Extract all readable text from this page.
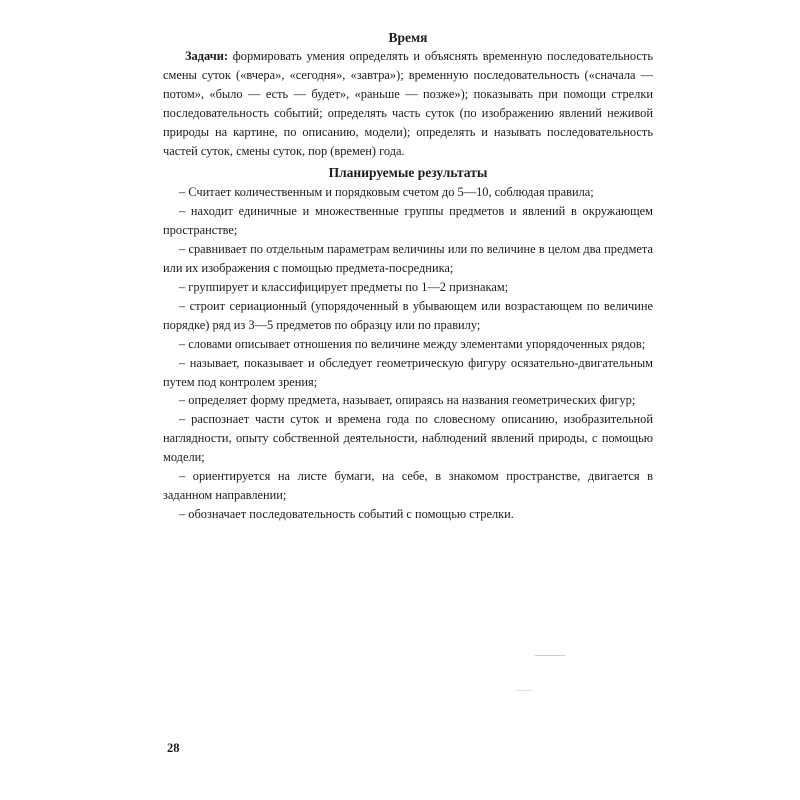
Время

Задачи: формировать умения определять и объяснять временную последовательность смены суток («вчера», «сегодня», «завтра»); временную последовательность («сначала — потом», «было — есть — будет», «раньше — позже»); показывать при помощи стрелки последовательность событий; определять часть суток (по изображению явлений неживой природы на картине, по описанию, модели); определять и называть последовательность частей суток, смены суток, пор (времен) года.

Планируемые результаты
– Считает количественным и порядковым счетом до 5—10, соблюдая правила;
– находит единичные и множественные группы предметов и явлений в окружающем пространстве;
– сравнивает по отдельным параметрам величины или по величине в целом два предмета или их изображения с помощью предмета-посредника;
– группирует и классифицирует предметы по 1—2 признакам;
– строит сериационный (упорядоченный в убывающем или возрастающем по величине порядке) ряд из 3—5 предметов по образцу или по правилу;
– словами описывает отношения по величине между элементами упорядоченных рядов;
– называет, показывает и обследует геометрическую фигуру осязательно-двигательным путем под контролем зрения;
– определяет форму предмета, называет, опираясь на названия геометрических фигур;
– распознает части суток и времена года по словесному описанию, изобразительной наглядности, опыту собственной деятельности, наблюдений явлений природы, с помощью модели;
– ориентируется на листе бумаги, на себе, в знакомом пространстве, двигается в заданном направлении;
– обозначает последовательность событий с помощью стрелки.
28
